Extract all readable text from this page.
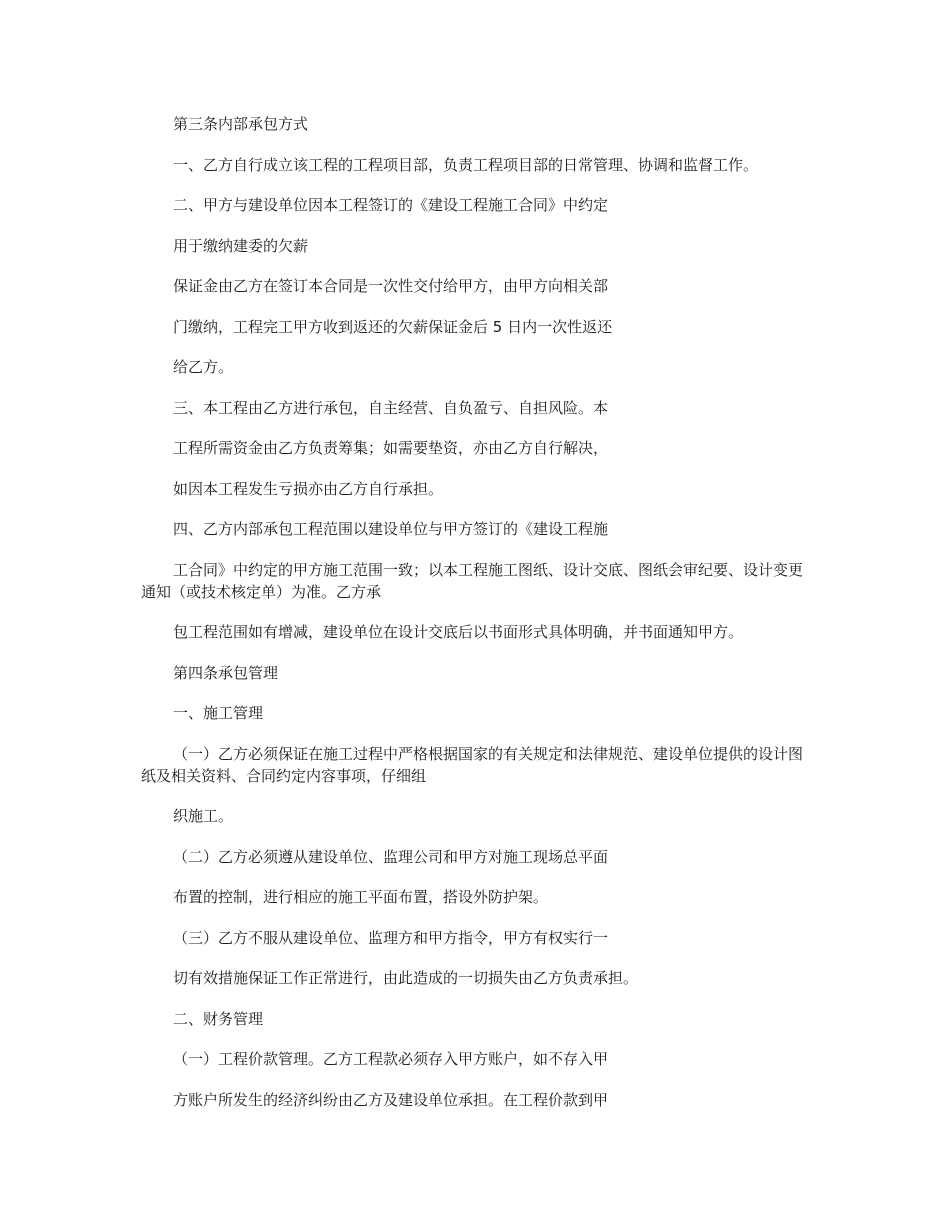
第三条内部承包方式

一、乙方自行成立该工程的工程项目部，负责工程项目部的日常管理、协调和监督工作。

二、甲方与建设单位因本工程签订的《建设工程施工合同》中约定

用于缴纳建委的欠薪

保证金由乙方在签订本合同是一次性交付给甲方，由甲方向相关部

门缴纳，工程完工甲方收到返还的欠薪保证金后 5 日内一次性返还

给乙方。

三、本工程由乙方进行承包，自主经营、自负盈亏、自担风险。本

工程所需资金由乙方负责筹集；如需要垫资，亦由乙方自行解决，

如因本工程发生亏损亦由乙方自行承担。

四、乙方内部承包工程范围以建设单位与甲方签订的《建设工程施

工合同》中约定的甲方施工范围一致；以本工程施工图纸、设计交底、图纸会审纪要、设计变更通知（或技术核定单）为准。乙方承

包工程范围如有增减，建设单位在设计交底后以书面形式具体明确，并书面通知甲方。

第四条承包管理

一、施工管理

（一）乙方必须保证在施工过程中严格根据国家的有关规定和法律规范、建设单位提供的设计图纸及相关资料、合同约定内容事项，仔细组

织施工。

（二）乙方必须遵从建设单位、监理公司和甲方对施工现场总平面

布置的控制，进行相应的施工平面布置，搭设外防护架。

（三）乙方不服从建设单位、监理方和甲方指令，甲方有权实行一

切有效措施保证工作正常进行，由此造成的一切损失由乙方负责承担。

二、财务管理

（一）工程价款管理。乙方工程款必须存入甲方账户，如不存入甲

方账户所发生的经济纠纷由乙方及建设单位承担。在工程价款到甲
